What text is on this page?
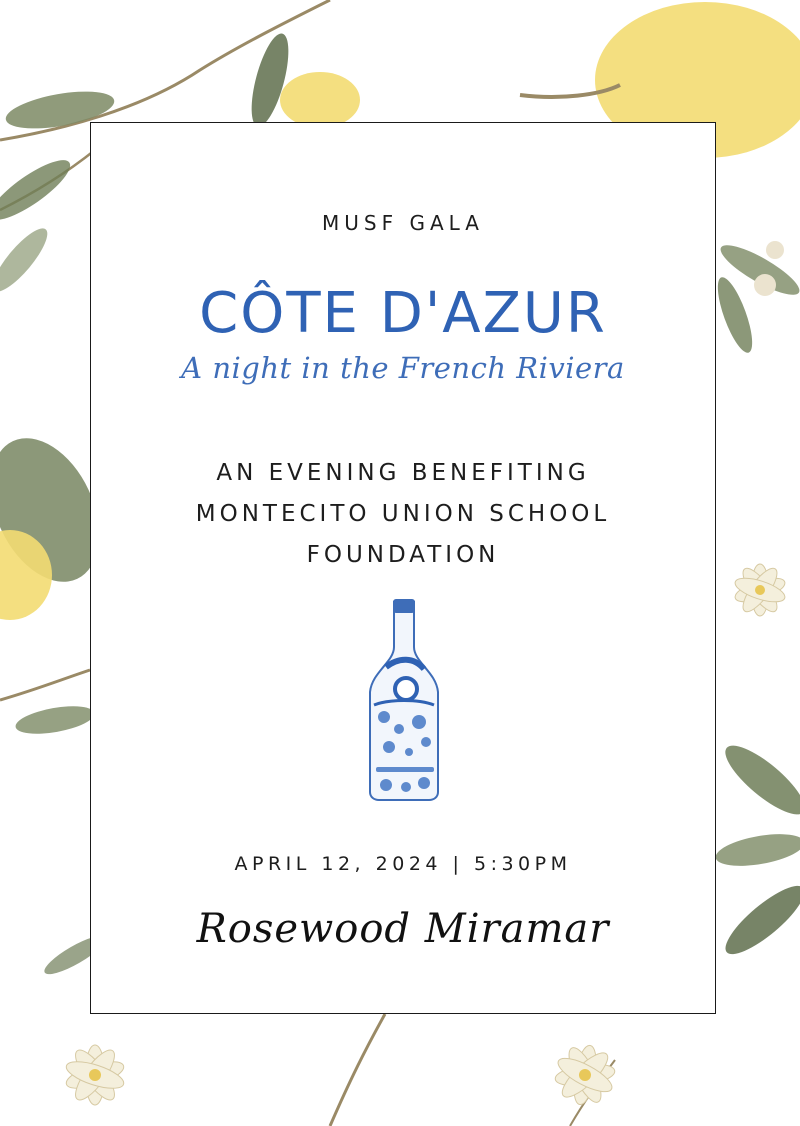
MUSF GALA

CÔTE D'AZUR

A night in the French Riviera

AN EVENING BENEFITING
MONTECITO UNION SCHOOL
FOUNDATION

APRIL 12, 2024 | 5:30PM

Rosewood Miramar
